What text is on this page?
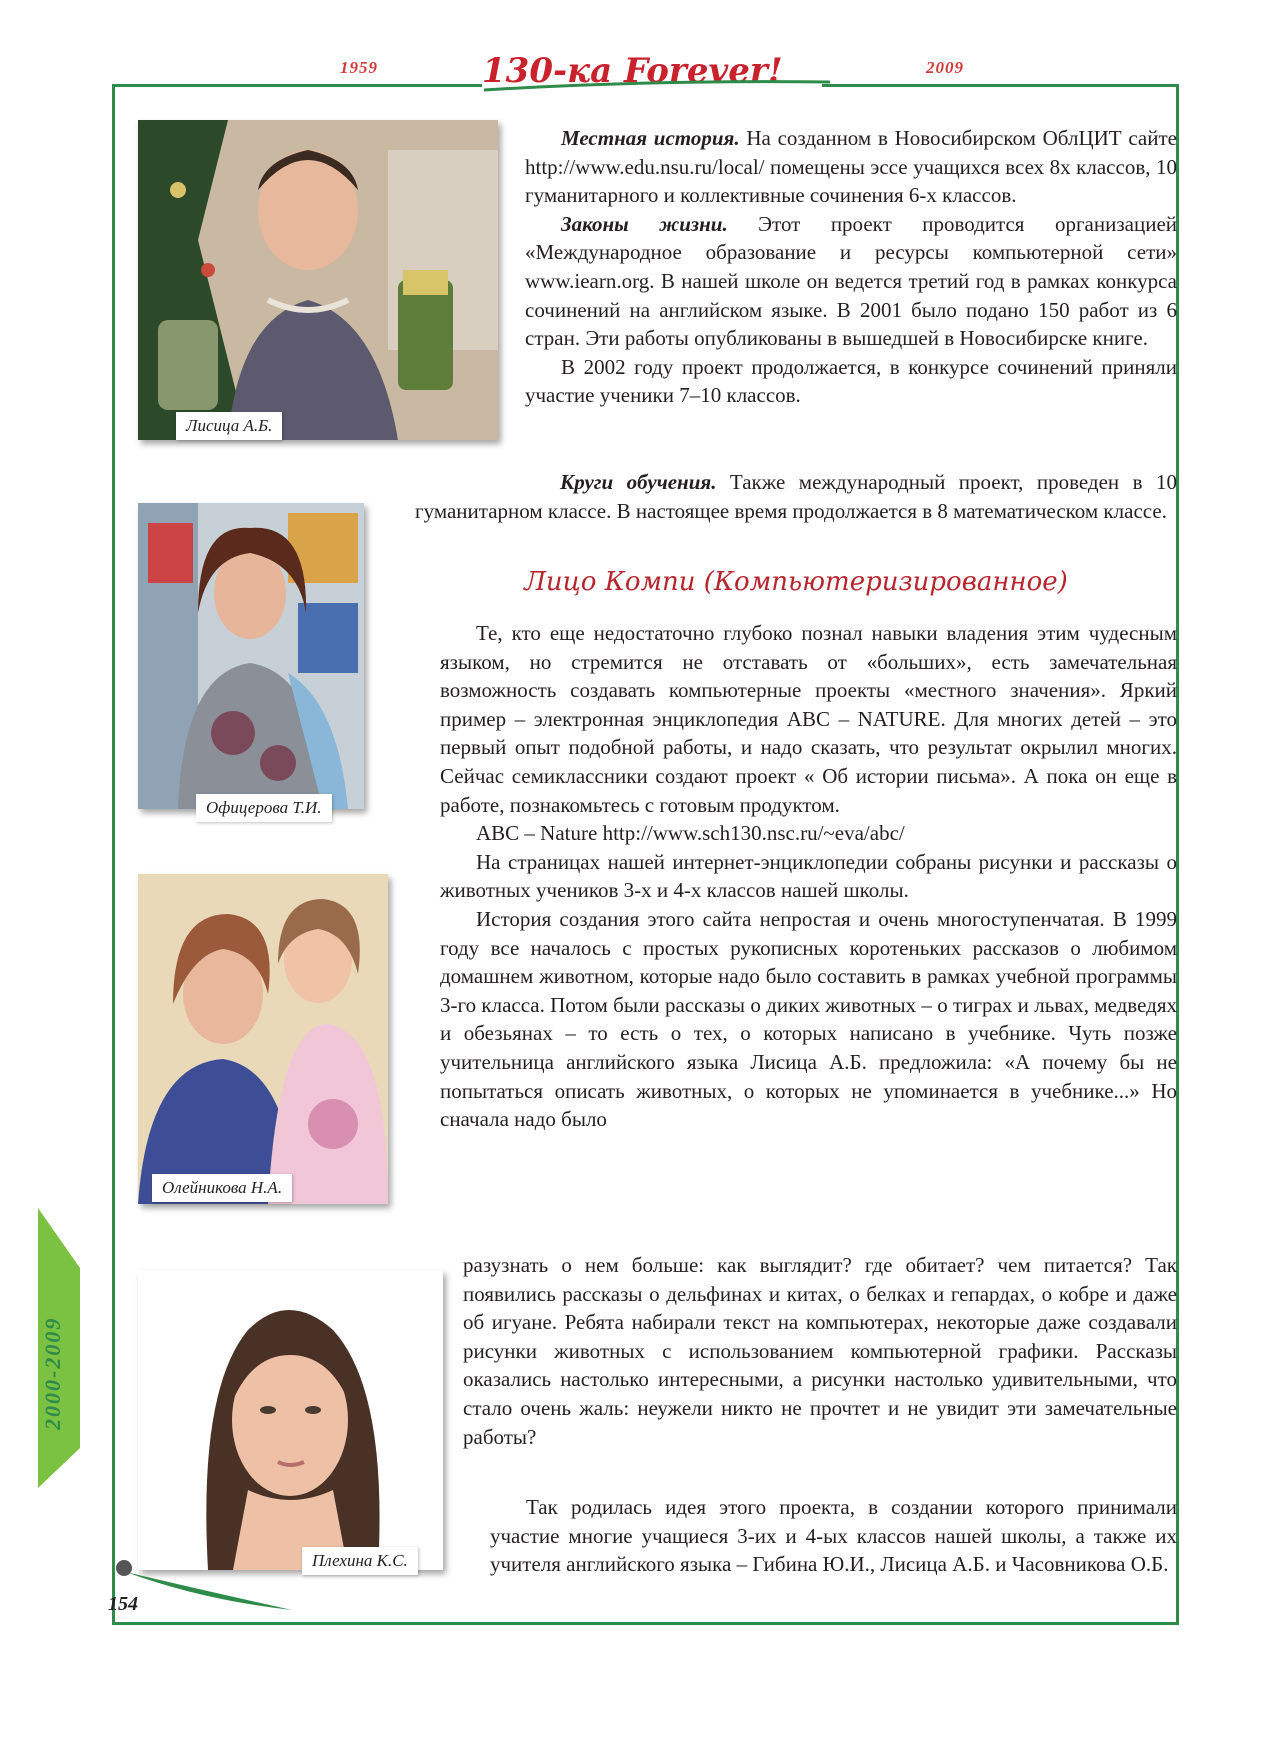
1959	2009
130-ка Forever!
Лисица А.Б.
Офицерова Т.И.
Олейникова Н.А.
Плехина К.С.
2000-2009
154

Местная история. На созданном в Новосибирском ОблЦИТ сайте http://www.edu.nsu.ru/local/ помещены эссе учащихся всех 8х классов, 10 гуманитарного и коллективные сочинения 6-х классов.

Законы жизни. Этот проект проводится организацией «Международное образование и ресурсы компьютерной сети» www.iearn.org. В нашей школе он ведется третий год в рамках конкурса сочинений на английском языке. В 2001 было подано 150 работ из 6 стран. Эти работы опубликованы в вышедшей в Новосибирске книге.

В 2002 году проект продолжается, в конкурсе сочинений приняли участие ученики 7–10 классов.

Круги обучения. Также международный проект, проведен в 10 гуманитарном классе. В настоящее время продолжается в 8 математическом классе.

Лицо Компи (Компьютеризированное)

Те, кто еще недостаточно глубоко познал навыки владения этим чудесным языком, но стремится не отставать от «больших», есть замечательная возможность создавать компьютерные проекты «местного значения». Яркий пример – электронная энциклопедия ABC – NATURE. Для многих детей – это первый опыт подобной работы, и надо сказать, что результат окрылил многих. Сейчас семиклассники создают проект « Об истории письма». А пока он еще в работе, познакомьтесь с готовым продуктом.

ABC – Nature http://www.sch130.nsc.ru/~eva/abc/

На страницах нашей интернет-энциклопедии собраны рисунки и рассказы о животных учеников 3-х и 4-х классов нашей школы.

История создания этого сайта непростая и очень многоступенчатая. В 1999 году все началось с простых рукописных коротеньких рассказов о любимом домашнем животном, которые надо было составить в рамках учебной программы 3-го класса. Потом были рассказы о диких животных – о тиграх и львах, медведях и обезьянах – то есть о тех, о которых написано в учебнике. Чуть позже учительница английского языка Лисица А.Б. предложила: «А почему бы не попытаться описать животных, о которых не упоминается в учебнике...» Но сначала надо было

разузнать о нем больше: как выглядит? где обитает? чем питается? Так появились рассказы о дельфинах и китах, о белках и гепардах, о кобре и даже об игуане. Ребята набирали текст на компьютерах, некоторые даже создавали рисунки животных с использованием компьютерной графики. Рассказы оказались настолько интересными, а рисунки настолько удивительными, что стало очень жаль: неужели никто не прочтет и не увидит эти замечательные работы?

Так родилась идея этого проекта, в создании которого принимали участие многие учащиеся 3-их и 4-ых классов нашей школы, а также их учителя английского языка – Гибина Ю.И., Лисица А.Б. и Часовникова О.Б.
